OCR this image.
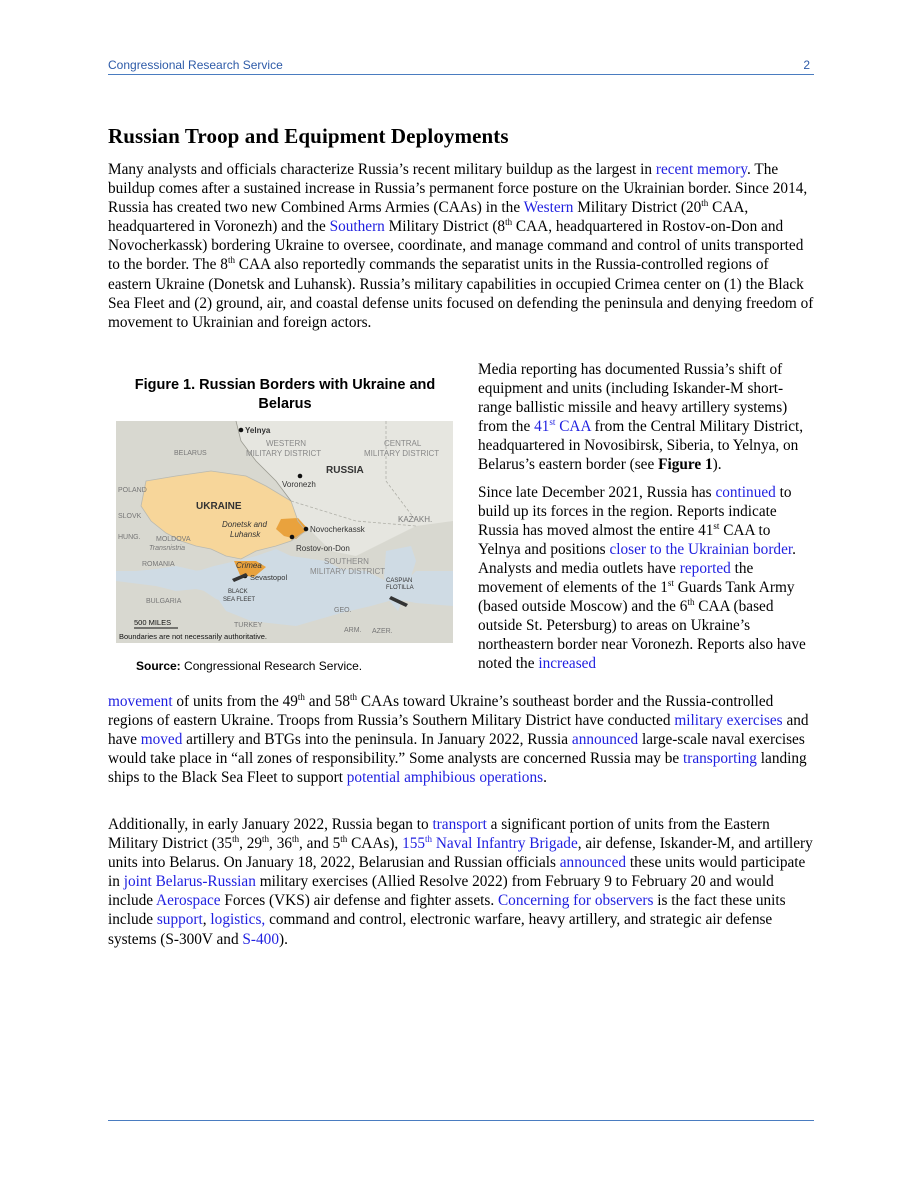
Congressional Research Service	2
Russian Troop and Equipment Deployments

Many analysts and officials characterize Russia’s recent military buildup as the largest in recent memory. The buildup comes after a sustained increase in Russia’s permanent force posture on the Ukrainian border. Since 2014, Russia has created two new Combined Arms Armies (CAAs) in the Western Military District (20th CAA, headquartered in Voronezh) and the Southern Military District (8th CAA, headquartered in Rostov-on-Don and Novocherkassk) bordering Ukraine to oversee, coordinate, and manage command and control of units transported to the border. The 8th CAA also reportedly commands the separatist units in the Russia-controlled regions of eastern Ukraine (Donetsk and Luhansk). Russia’s military capabilities in occupied Crimea center on (1) the Black Sea Fleet and (2) ground, air, and coastal defense units focused on defending the peninsula and denying freedom of movement to Ukrainian and foreign actors.

Figure 1. Russian Borders with Ukraine and Belarus
Yelnya
BELARUS
WESTERN
MILITARY DISTRICT
CENTRAL
MILITARY DISTRICT
RUSSIA
Voronezh
POLAND
UKRAINE
KAZAKH.
SLOVK
Donetsk and
Luhansk
Novocherkassk
HUNG. MOLDOVA
Transnistria	Rostov-on-Don
ROMANIA	SOUTHERN
MILITARY DISTRICT
Crimea
Sevastopol	CASPIAN
FLOTILLA
BLACK
SEA FLEET
BULGARIA
GEO.
TURKEY
ARM. AZER.
500 MILES
Boundaries are not necessarily authoritative.
Source: Congressional Research Service.

Media reporting has documented Russia’s shift of equipment and units (including Iskander-M short-range ballistic missile and heavy artillery systems) from the 41st CAA from the Central Military District, headquartered in Novosibirsk, Siberia, to Yelnya, on Belarus’s eastern border (see Figure 1).

Since late December 2021, Russia has continued to build up its forces in the region. Reports indicate Russia has moved almost the entire 41st CAA to Yelnya and positions closer to the Ukrainian border. Analysts and media outlets have reported the movement of elements of the 1st Guards Tank Army (based outside Moscow) and the 6th CAA (based outside St. Petersburg) to areas on Ukraine’s northeastern border near Voronezh. Reports also have noted the increased

movement of units from the 49th and 58th CAAs toward Ukraine’s southeast border and the Russia-controlled regions of eastern Ukraine. Troops from Russia’s Southern Military District have conducted military exercises and have moved artillery and BTGs into the peninsula. In January 2022, Russia announced large-scale naval exercises would take place in “all zones of responsibility.” Some analysts are concerned Russia may be transporting landing ships to the Black Sea Fleet to support potential amphibious operations.

Additionally, in early January 2022, Russia began to transport a significant portion of units from the Eastern Military District (35th, 29th, 36th, and 5th CAAs), 155th Naval Infantry Brigade, air defense, Iskander-M, and artillery units into Belarus. On January 18, 2022, Belarusian and Russian officials announced these units would participate in joint Belarus-Russian military exercises (Allied Resolve 2022) from February 9 to February 20 and would include Aerospace Forces (VKS) air defense and fighter assets. Concerning for observers is the fact these units include support, logistics, command and control, electronic warfare, heavy artillery, and strategic air defense systems (S-300V and S-400).
